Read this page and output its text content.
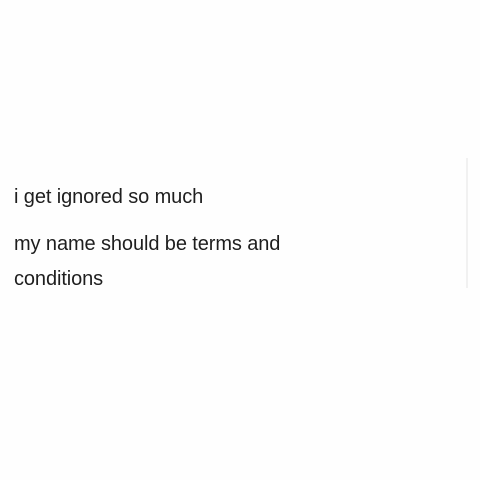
i get ignored so much

my name should be terms and

conditions
